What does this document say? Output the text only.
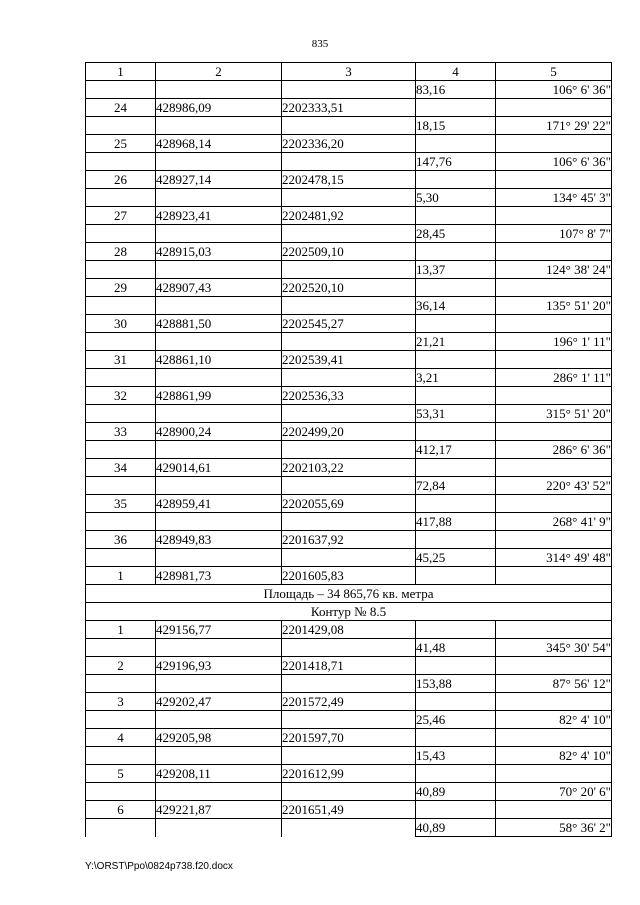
835
1	2	3	4	5
			83,16	106° 6' 36"
24	428986,09	2202333,51		
			18,15	171° 29' 22"
25	428968,14	2202336,20		
			147,76	106° 6' 36"
26	428927,14	2202478,15		
			5,30	134° 45' 3"
27	428923,41	2202481,92		
			28,45	107° 8' 7"
28	428915,03	2202509,10		
			13,37	124° 38' 24"
29	428907,43	2202520,10		
			36,14	135° 51' 20"
30	428881,50	2202545,27		
			21,21	196° 1' 11"
31	428861,10	2202539,41		
			3,21	286° 1' 11"
32	428861,99	2202536,33		
			53,31	315° 51' 20"
33	428900,24	2202499,20		
			412,17	286° 6' 36"
34	429014,61	2202103,22		
			72,84	220° 43' 52"
35	428959,41	2202055,69		
			417,88	268° 41' 9"
36	428949,83	2201637,92		
			45,25	314° 49' 48"
1	428981,73	2201605,83		
Площадь – 34 865,76 кв. метра				
Контур № 8.5				
1	429156,77	2201429,08		
			41,48	345° 30' 54"
2	429196,93	2201418,71		
			153,88	87° 56' 12"
3	429202,47	2201572,49		
			25,46	82° 4' 10"
4	429205,98	2201597,70		
			15,43	82° 4' 10"
5	429208,11	2201612,99		
			40,89	70° 20' 6"
6	429221,87	2201651,49		
			40,89	58° 36' 2"
Y:\ORST\Ppo\0824p738.f20.docx
